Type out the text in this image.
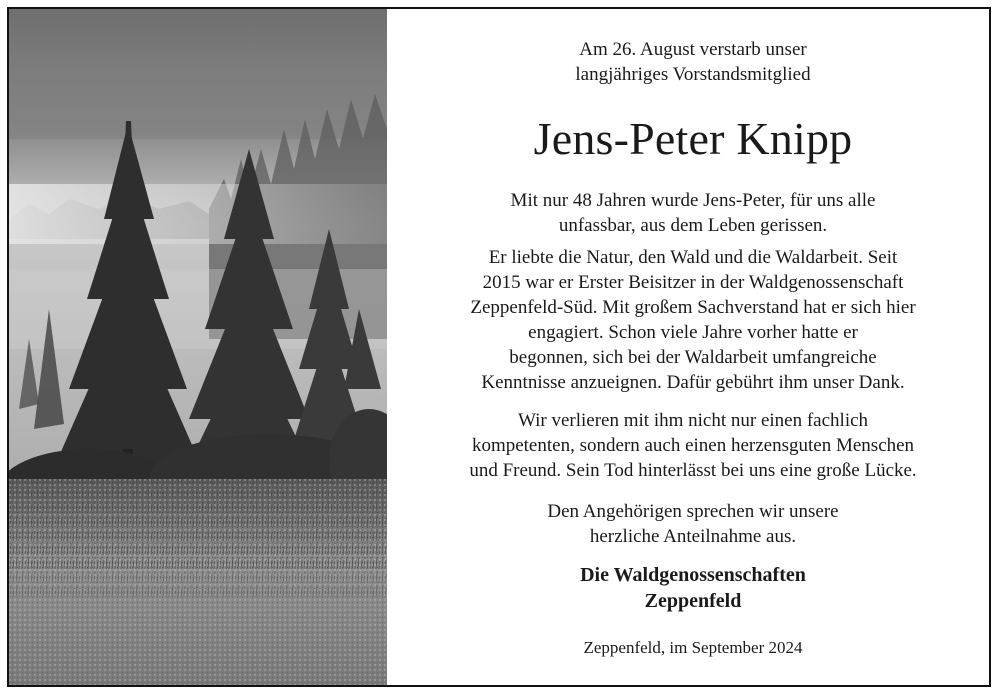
Am 26. August verstarb unser
langjähriges Vorstandsmitglied
Jens-Peter Knipp
Mit nur 48 Jahren wurde Jens-Peter, für uns alle
unfassbar, aus dem Leben gerissen.
Er liebte die Natur, den Wald und die Waldarbeit. Seit
2015 war er Erster Beisitzer in der Waldgenossenschaft
Zeppenfeld-Süd. Mit großem Sachverstand hat er sich hier
engagiert. Schon viele Jahre vorher hatte er
begonnen, sich bei der Waldarbeit umfangreiche
Kenntnisse anzueignen. Dafür gebührt ihm unser Dank.
Wir verlieren mit ihm nicht nur einen fachlich
kompetenten, sondern auch einen herzensguten Menschen
und Freund. Sein Tod hinterlässt bei uns eine große Lücke.
Den Angehörigen sprechen wir unsere
herzliche Anteilnahme aus.
Die Waldgenossenschaften
Zeppenfeld
Zeppenfeld, im September 2024
